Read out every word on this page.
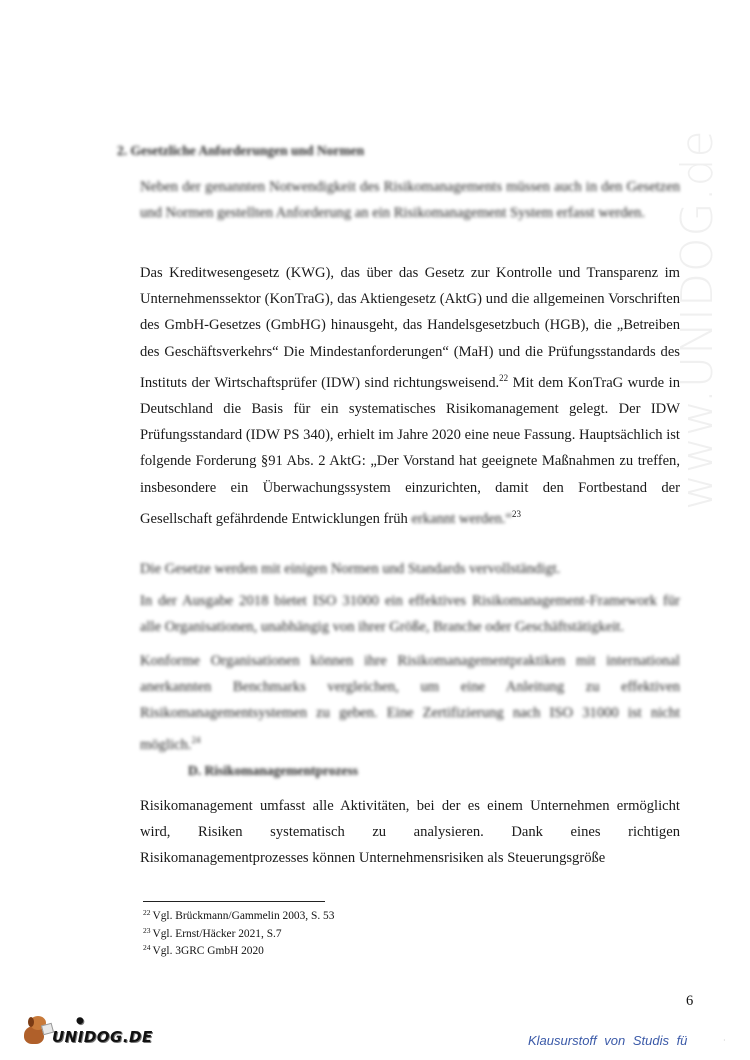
www.UNIDOG.de
2. Gesetzliche Anforderungen und Normen
Neben der genannten Notwendigkeit des Risikomanagements müssen auch in den Gesetzen und Normen gestellten Anforderung an ein Risikomanagement System erfasst werden.
Das Kreditwesengesetz (KWG), das über das Gesetz zur Kontrolle und Transparenz im Unternehmenssektor (KonTraG), das Aktiengesetz (AktG) und die allgemeinen Vorschriften des GmbH-Gesetzes (GmbHG) hinausgeht, das Handelsgesetzbuch (HGB), die „Betreiben des Geschäftsverkehrs“ Die Mindestanforderungen“ (MaH) und die Prüfungsstandards des Instituts der Wirtschaftsprüfer (IDW) sind richtungsweisend.$^{22}$ Mit dem KonTraG wurde in Deutschland die Basis für ein systematisches Risikomanagement gelegt. Der IDW Prüfungsstandard (IDW PS 340), erhielt im Jahre 2020 eine neue Fassung. Hauptsächlich ist folgende Forderung §91 Abs. 2 AktG: „Der Vorstand hat geeignete Maßnahmen zu treffen, insbesondere ein Überwachungssystem einzurichten, damit den Fortbestand der Gesellschaft gefährdende Entwicklungen früh erkannt werden.“$^{23}$
Die Gesetze werden mit einigen Normen und Standards vervollständigt.
In der Ausgabe 2018 bietet ISO 31000 ein effektives Risikomanagement-Framework für alle Organisationen, unabhängig von ihrer Größe, Branche oder Geschäftstätigkeit.
Konforme Organisationen können ihre Risikomanagementpraktiken mit international anerkannten Benchmarks vergleichen, um eine Anleitung zu effektiven Risikomanagementsystemen zu geben. Eine Zertifizierung nach ISO 31000 ist nicht möglich.$^{24}$
D. Risikomanagementprozess
Risikomanagement umfasst alle Aktivitäten, bei der es einem Unternehmen ermöglicht wird, Risiken systematisch zu analysieren. Dank eines richtigen Risikomanagementprozesses können Unternehmensrisiken als Steuerungsgröße
$^{22}$ Vgl. Brückmann/Gammelin 2003, S. 53
$^{23}$ Vgl. Ernst/Häcker 2021, S.7
$^{24}$ Vgl. 3GRC GmbH 2020
6
●
UNIDOG.DE	Klausurstoff von Studis fü	·
